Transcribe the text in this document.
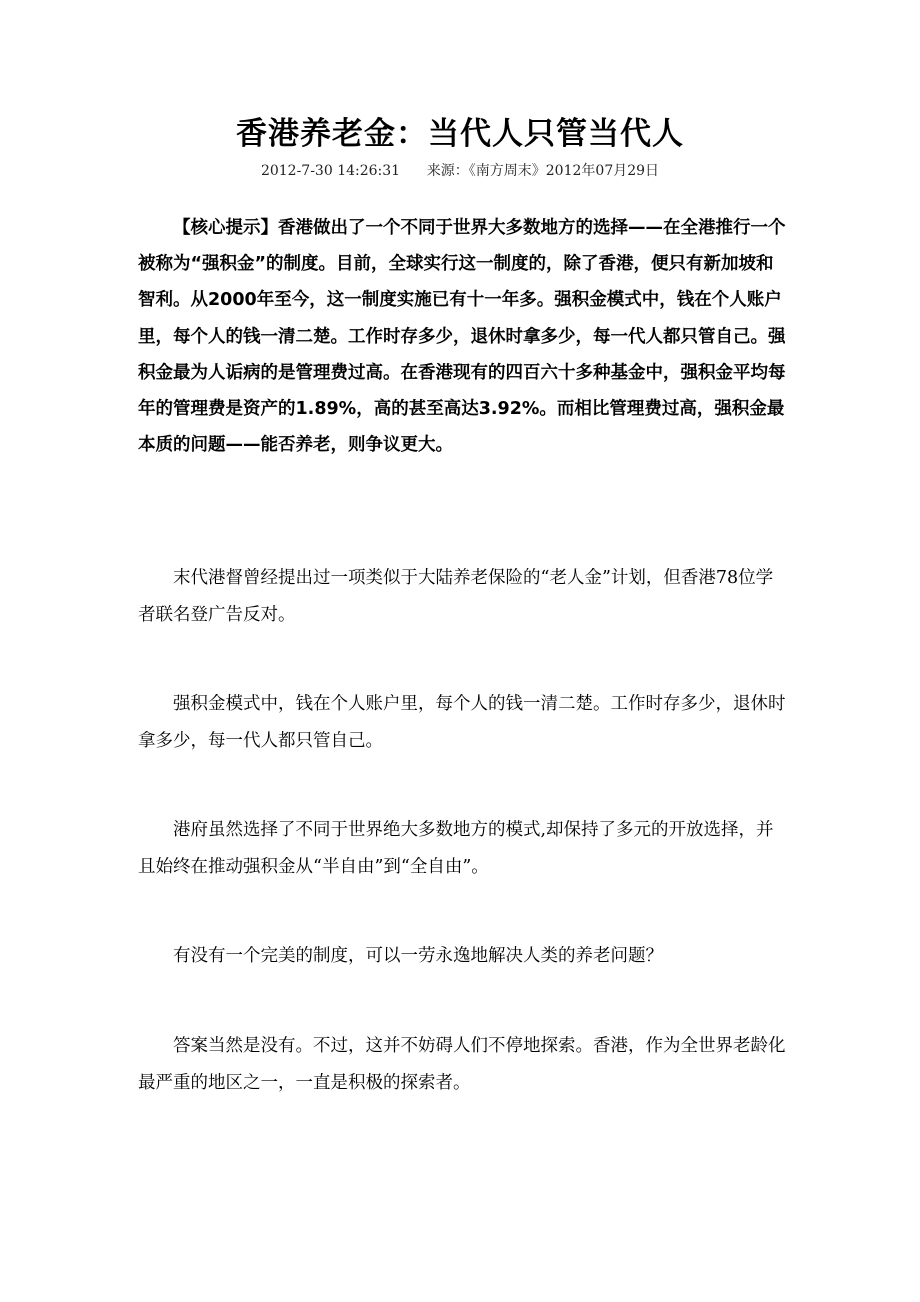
香港养老金：当代人只管当代人
2012-7-30 14:26:31      来源：《南方周末》2012年07月29日

【核心提示】香港做出了一个不同于世界大多数地方的选择——在全港推行一个被称为“强积金”的制度。目前，全球实行这一制度的，除了香港，便只有新加坡和智利。从2000年至今，这一制度实施已有十一年多。强积金模式中，钱在个人账户里，每个人的钱一清二楚。工作时存多少，退休时拿多少，每一代人都只管自己。强积金最为人诟病的是管理费过高。在香港现有的四百六十多种基金中，强积金平均每年的管理费是资产的1.89%，高的甚至高达3.92%。而相比管理费过高，强积金最本质的问题——能否养老，则争议更大。

末代港督曾经提出过一项类似于大陆养老保险的“老人金”计划，但香港78位学者联名登广告反对。

强积金模式中，钱在个人账户里，每个人的钱一清二楚。工作时存多少，退休时拿多少，每一代人都只管自己。

港府虽然选择了不同于世界绝大多数地方的模式,却保持了多元的开放选择，并且始终在推动强积金从“半自由”到“全自由”。

有没有一个完美的制度，可以一劳永逸地解决人类的养老问题？

答案当然是没有。不过，这并不妨碍人们不停地探索。香港，作为全世界老龄化最严重的地区之一，一直是积极的探索者。
